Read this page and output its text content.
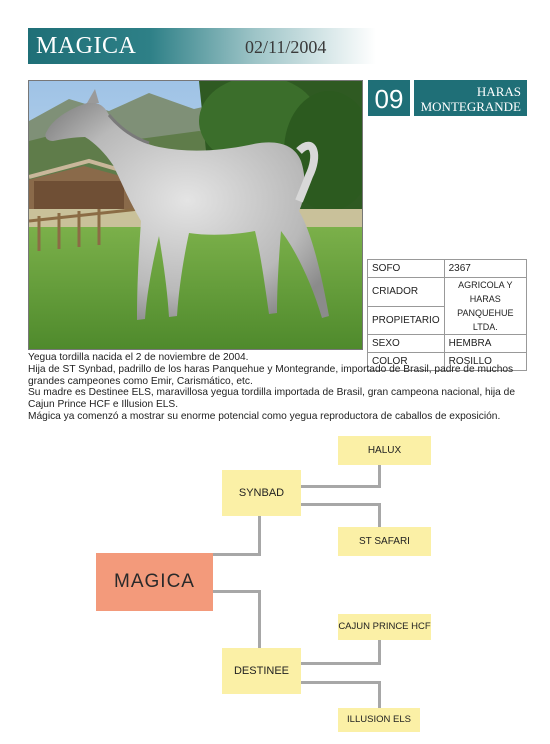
MAGICA	02/11/2004
09	HARAS
MONTEGRANDE
SOFO	2367
CRIADOR	AGRICOLA Y HARAS
PANQUEHUE LTDA.

PROPIETARIO	
SEXO	HEMBRA
COLOR	ROSILLO

Yegua tordilla nacida el 2 de noviembre de 2004.

Hija de ST Synbad, padrillo de los haras Panquehue y Montegrande, importado de Brasil, padre de muchos grandes campeones como Emir, Carismático, etc.

Su madre es Destinee ELS, maravillosa yegua tordilla importada de Brasil, gran campeona nacional, hija de Cajun Prince HCF e Illusion ELS.

Mágica ya comenzó a mostrar su enorme potencial como yegua reproductora de caballos de exposición.

MAGICA
SYNBAD
DESTINEE
HALUX
ST SAFARI
CAJUN PRINCE HCF
ILLUSION ELS
